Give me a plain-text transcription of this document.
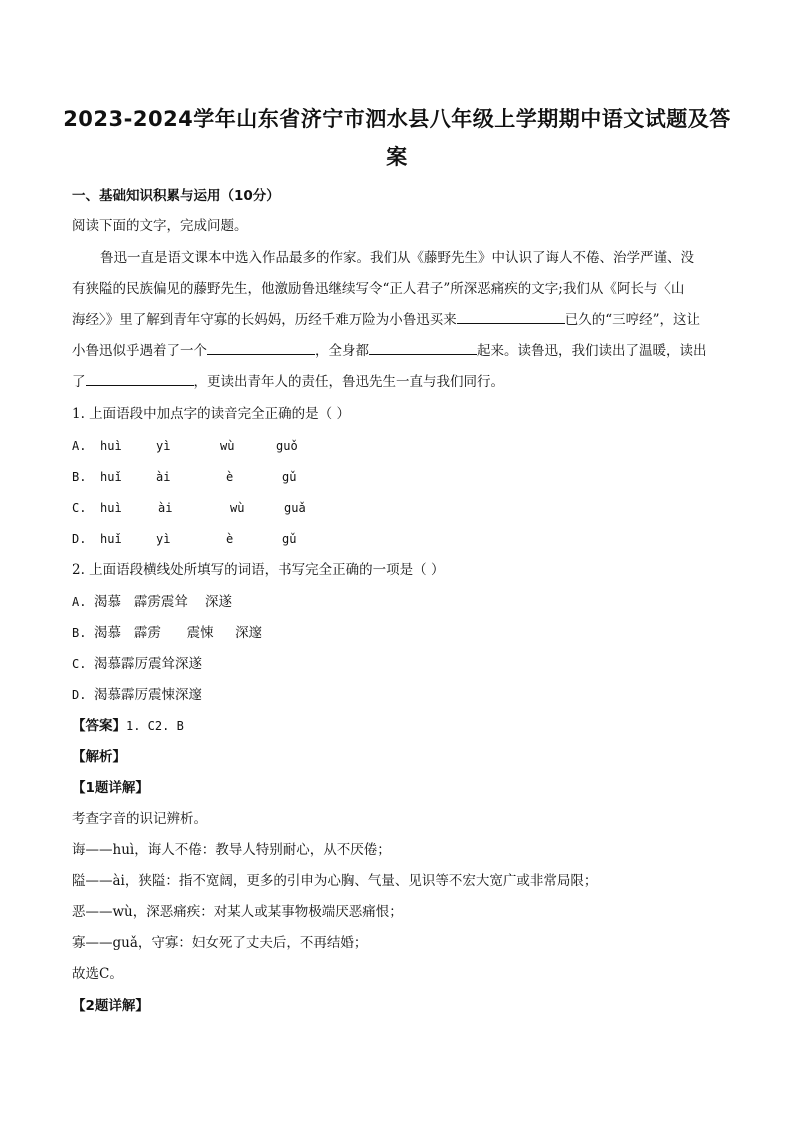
2023-2024学年山东省济宁市泗水县八年级上学期期中语文试题及答案
一、基础知识积累与运用（10分）
阅读下面的文字，完成问题。
鲁迅一直是语文课本中选入作品最多的作家。我们从《藤野先生》中认识了诲人不倦、治学严谨、没
有狭隘的民族偏见的藤野先生，他激励鲁迅继续写令“正人君子”所深恶痛疾的文字;我们从《阿长与〈山
海经〉》里了解到青年守寡的长妈妈，历经千难万险为小鲁迅买来	已久的“三哼经”，这让
小鲁迅似乎遇着了一个	，全身都	起来。读鲁迅，我们读出了温暖，读出
了	，更读出青年人的责任，鲁迅先生一直与我们同行。
1. 上面语段中加点字的读音完全正确的是（ ）
A. huì	yì	wù	guǒ
B. huǐ	ài	è	gǔ
C. huì	ài	wù	guǎ
D. huǐ	yì	è	gǔ
2. 上面语段横线处所填写的词语，书写完全正确的一项是（ ）
A. 渴慕   霹雳震耸    深遂
B. 渴慕   霹雳      震悚     深邃
C. 渴慕霹厉震耸深遂
D. 渴慕霹厉震悚深邃
【答案】1. C2. B
【解析】
【1题详解】
考查字音的识记辨析。
诲——huì，诲人不倦：教导人特别耐心，从不厌倦；
隘——ài，狭隘：指不宽阔，更多的引申为心胸、气量、见识等不宏大宽广或非常局限；
恶——wù，深恶痛疾：对某人或某事物极端厌恶痛恨；
寡——guǎ，守寡：妇女死了丈夫后，不再结婚；
故选C。
【2题详解】
